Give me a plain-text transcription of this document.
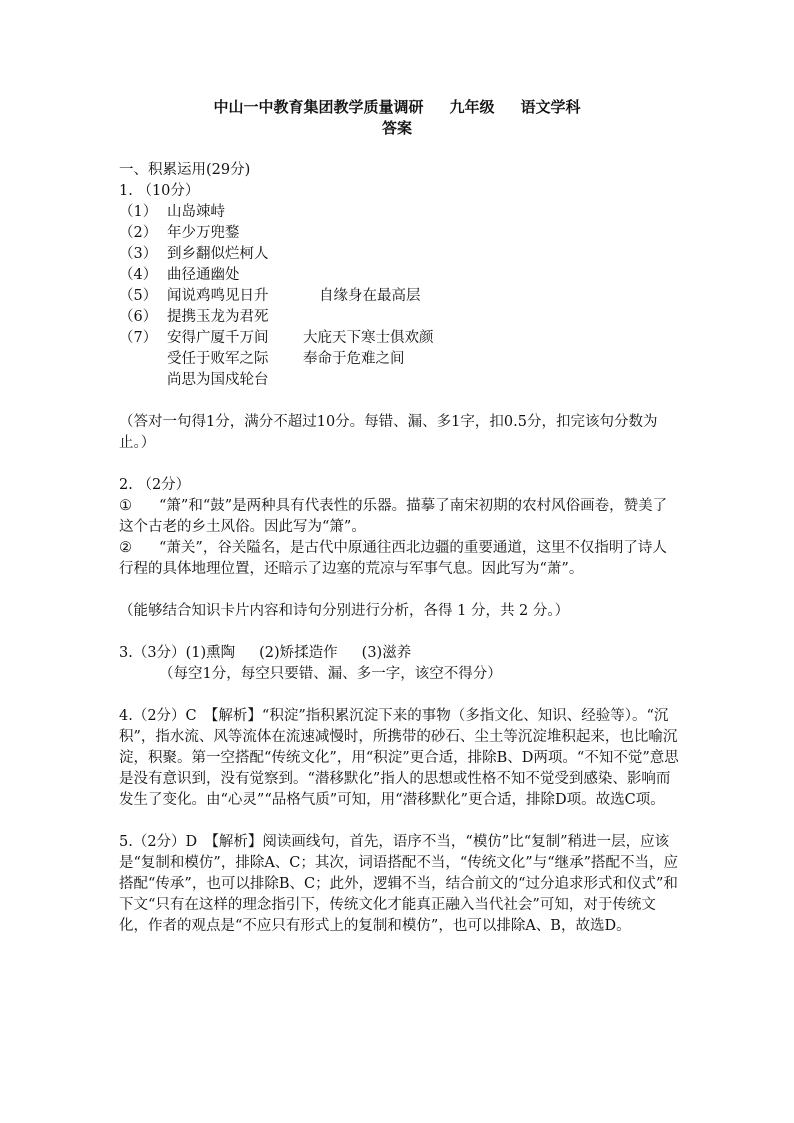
中山一中教育集团教学质量调研 九年级 语文学科
答案
一、积累运用(29分)
1. （10分）
（1） 山岛竦峙
（2） 年少万兜鍪
（3） 到乡翻似烂柯人
（4） 曲径通幽处
（5） 闻说鸡鸣见日升	自缘身在最高层
（6） 提携玉龙为君死
（7） 安得广厦千万间	大庇天下寒士俱欢颜
受任于败军之际	奉命于危难之间
尚思为国戍轮台
（答对一句得1分，满分不超过10分。每错、漏、多1字，扣0.5分，扣完该句分数为止。）
2. （2分）
① “箫”和“鼓”是两种具有代表性的乐器。描摹了南宋初期的农村风俗画卷，赞美了这个古老的乡土风俗。因此写为“箫”。
② “萧关”，谷关隘名，是古代中原通往西北边疆的重要通道，这里不仅指明了诗人行程的具体地理位置，还暗示了边塞的荒凉与军事气息。因此写为“萧”。
（能够结合知识卡片内容和诗句分别进行分析，各得 1 分，共 2 分。）
3.（3分）(1)熏陶 (2)矫揉造作 (3)滋养
（每空1分，每空只要错、漏、多一字，该空不得分）
4.（2分）C　【解析】“积淀”指积累沉淀下来的事物（多指文化、知识、经验等）。“沉积”，指水流、风等流体在流速减慢时，所携带的砂石、尘土等沉淀堆积起来，也比喻沉淀，积聚。第一空搭配“传统文化”，用“积淀”更合适，排除B、D两项。“不知不觉”意思是没有意识到，没有觉察到。“潜移默化”指人的思想或性格不知不觉受到感染、影响而发生了变化。由“心灵”“品格气质”可知，用“潜移默化”更合适，排除D项。故选C项。
5.（2分）D　【解析】阅读画线句，首先，语序不当，“模仿”比“复制”稍进一层，应该是“复制和模仿”，排除A、C；其次，词语搭配不当，“传统文化”与“继承”搭配不当，应搭配“传承”，也可以排除B、C；此外，逻辑不当，结合前文的“过分追求形式和仪式”和下文“只有在这样的理念指引下，传统文化才能真正融入当代社会”可知，对于传统文化，作者的观点是“不应只有形式上的复制和模仿”，也可以排除A、B，故选D。
